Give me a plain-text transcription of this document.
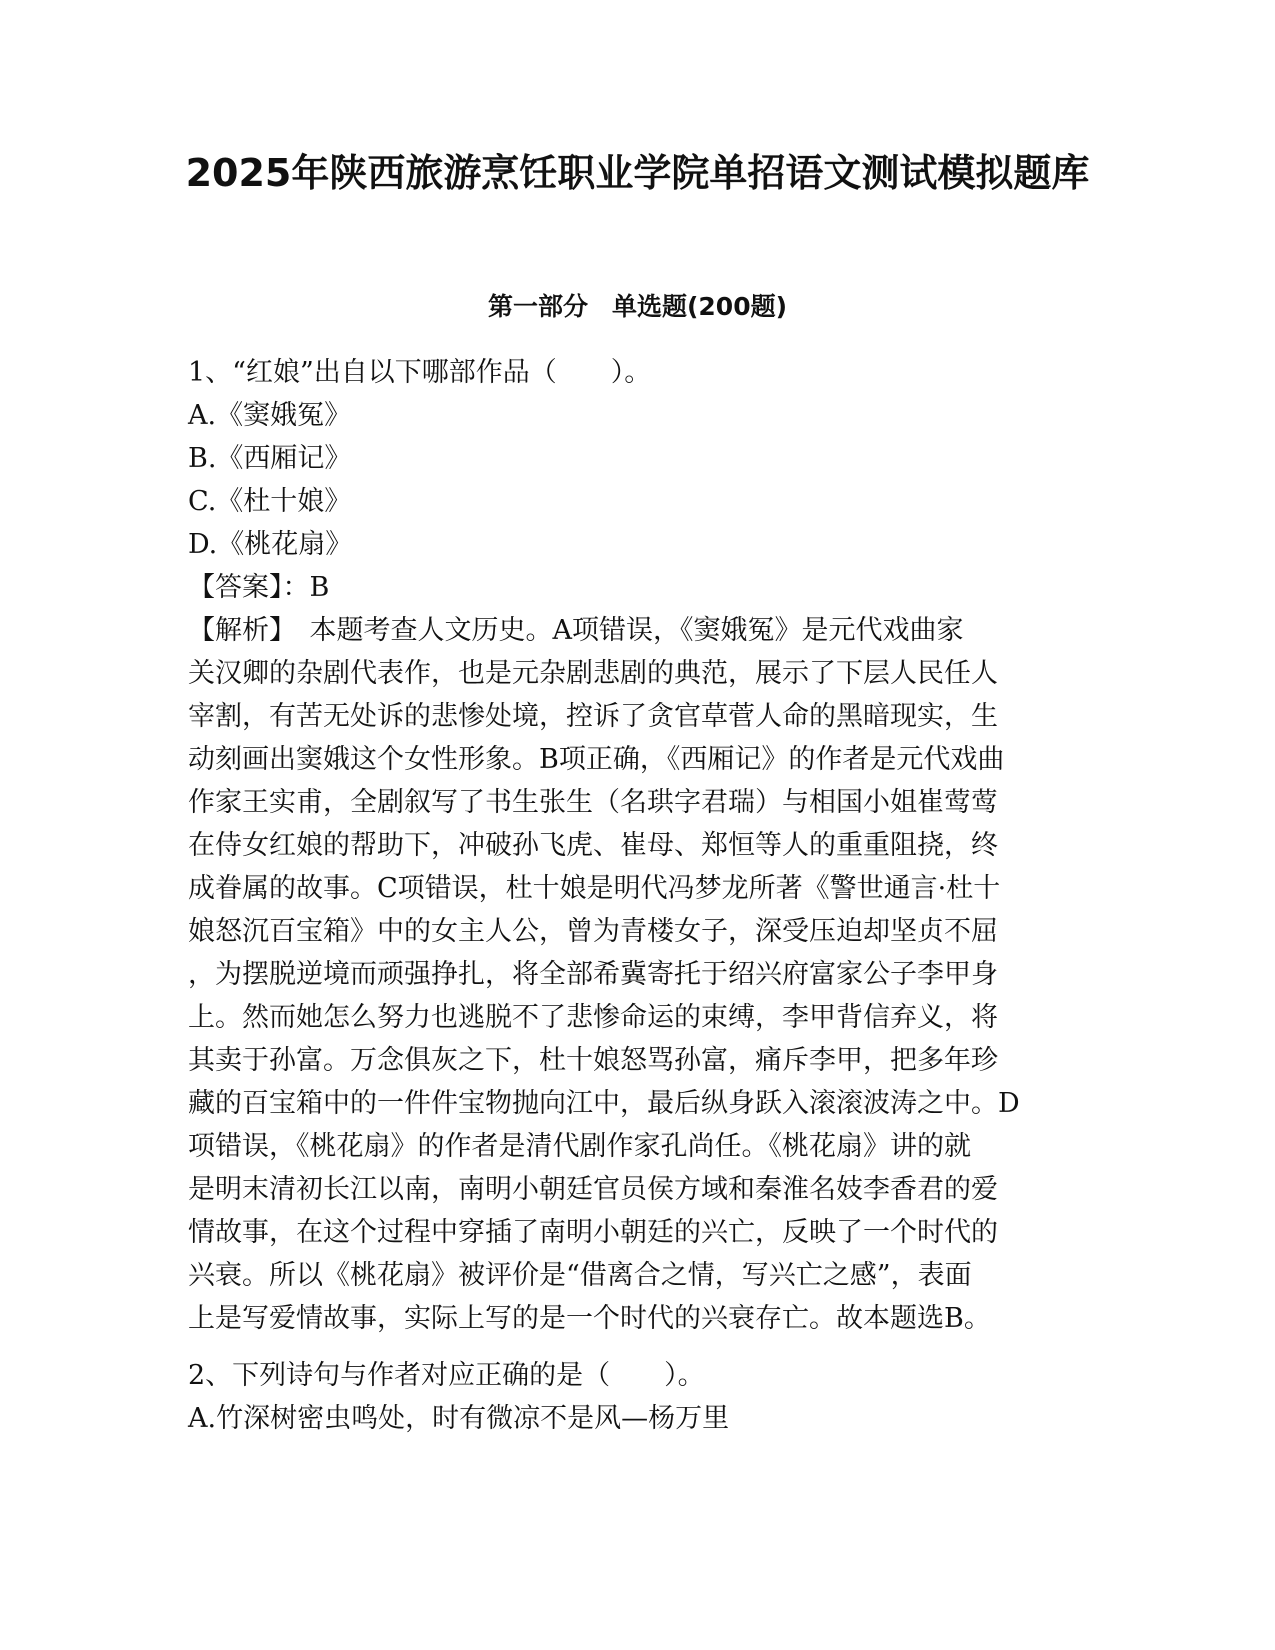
2025年陕西旅游烹饪职业学院单招语文测试模拟题库
第一部分 单选题(200题)
1、“红娘”出自以下哪部作品（　　）。
A.《窦娥冤》
B.《西厢记》
C.《杜十娘》
D.《桃花扇》
【答案】：B
【解析】　本题考查人文历史。A项错误，《窦娥冤》是元代戏曲家
关汉卿的杂剧代表作，也是元杂剧悲剧的典范，展示了下层人民任人
宰割，有苦无处诉的悲惨处境，控诉了贪官草菅人命的黑暗现实，生
动刻画出窦娥这个女性形象。B项正确，《西厢记》的作者是元代戏曲
作家王实甫，全剧叙写了书生张生（名珙字君瑞）与相国小姐崔莺莺
在侍女红娘的帮助下，冲破孙飞虎、崔母、郑恒等人的重重阻挠，终
成眷属的故事。C项错误，杜十娘是明代冯梦龙所著《警世通言·杜十
娘怒沉百宝箱》中的女主人公，曾为青楼女子，深受压迫却坚贞不屈
，为摆脱逆境而顽强挣扎，将全部希冀寄托于绍兴府富家公子李甲身
上。然而她怎么努力也逃脱不了悲惨命运的束缚，李甲背信弃义，将
其卖于孙富。万念俱灰之下，杜十娘怒骂孙富，痛斥李甲，把多年珍
藏的百宝箱中的一件件宝物抛向江中，最后纵身跃入滚滚波涛之中。D
项错误，《桃花扇》的作者是清代剧作家孔尚任。《桃花扇》讲的就
是明末清初长江以南，南明小朝廷官员侯方域和秦淮名妓李香君的爱
情故事，在这个过程中穿插了南明小朝廷的兴亡，反映了一个时代的
兴衰。所以《桃花扇》被评价是“借离合之情，写兴亡之感”，表面
上是写爱情故事，实际上写的是一个时代的兴衰存亡。故本题选B。
2、下列诗句与作者对应正确的是（　　）。
A.竹深树密虫鸣处，时有微凉不是风—杨万里
